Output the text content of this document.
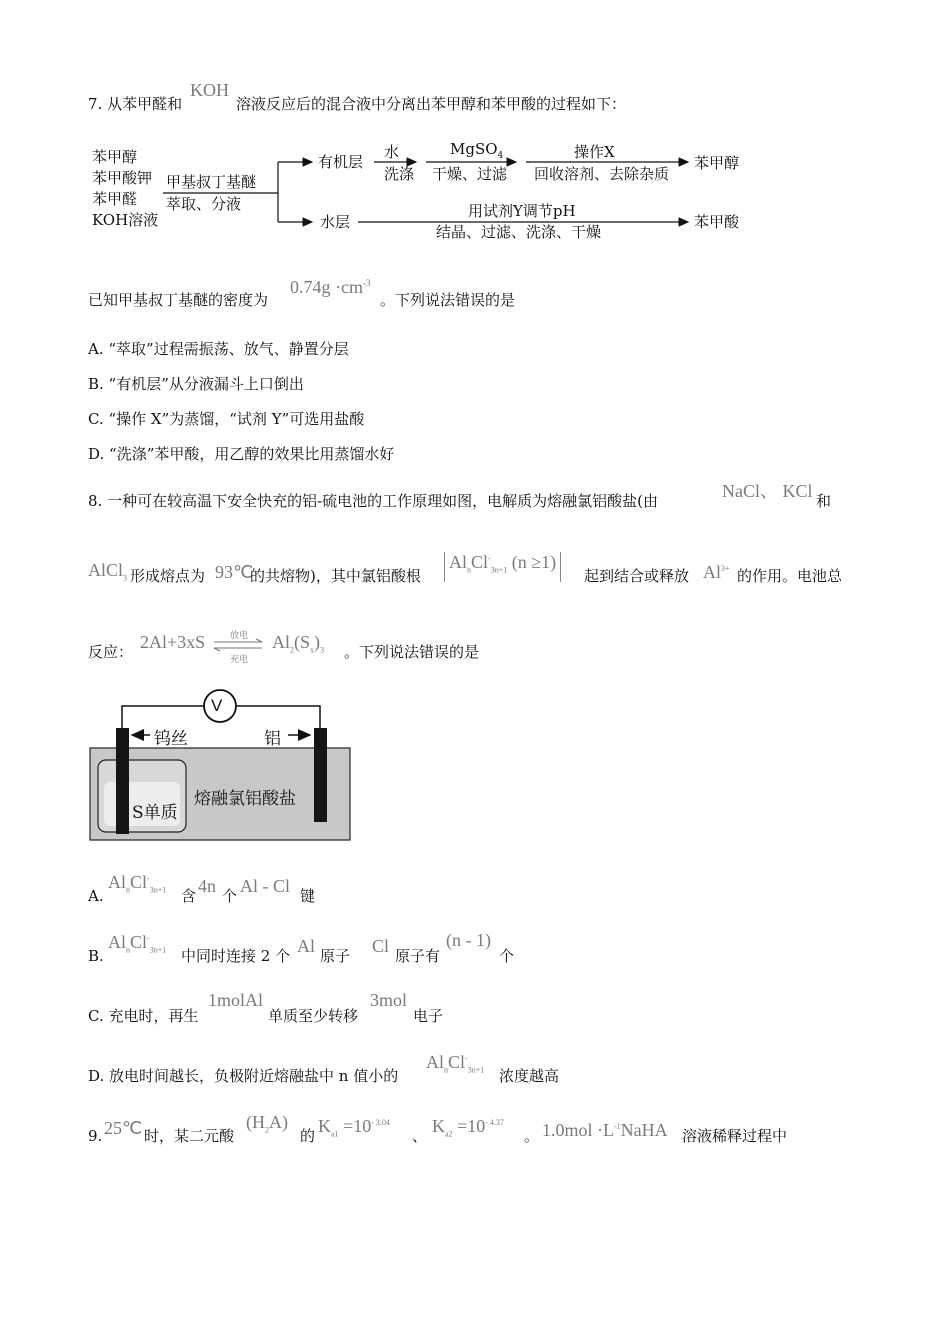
7. 从苯甲醛和
KOH
溶液反应后的混合液中分离出苯甲醇和苯甲酸的过程如下：
苯甲醇
苯甲酸钾
苯甲醛
KOH溶液
甲基叔丁基醚
萃取、分液
有机层
水
洗涤
MgSO$_4$
干燥、过滤
操作X
回收溶剂、去除杂质
苯甲醇
水层
用试剂Y调节pH
结晶、过滤、洗涤、干燥
苯甲酸
已知甲基叔丁基醚的密度为
$0.74g \cdot cm^{-3}$
。下列说法错误的是
A. “萃取”过程需振荡、放气、静置分层
B. “有机层”从分液漏斗上口倒出
C. “操作 X”为蒸馏，“试剂 Y”可选用盐酸
D. “洗涤”苯甲酸，用乙醇的效果比用蒸馏水好
8. 一种可在较高温下安全快充的铝-硫电池的工作原理如图，电解质为熔融氯铝酸盐(由	NaCl、 KCl 和
AlCl$_3$ 形成熔点为 93℃
的共熔物)，其中氯铝酸根
$Al_nCl^-_{3n+1}$ (n ≥1)
起到结合或释放 $Al^{3+}$ 的作用。电池总
反应： 2Al+3xS	放电
充电
$Al_2(S_x)_3$ 。下列说法错误的是
V
钨丝	铝
S单质
熔融氯铝酸盐
A.
$Al_nCl^-_{3n+1}$ 含 4n 个 Al - Cl 键
B.
$Al_nCl^-_{3n+1}$ 中同时连接 2 个 Al 原子 Cl 原子有
(n - 1)
个
C. 充电时，再生
1molAl
单质至少转移
3mol
电子
D. 放电时间越长，负极附近熔融盐中 n 值小的
$Al_nCl^-_{3n+1}$ 浓度越高
9. 25℃ 时，某二元酸
$(H_2A)$
的 $K_{a1} =10^{- 3.04}$
、 $K_{a2} =10^{- 4.37}$
。 $1.0mol \cdot L^{-1}NaHA$ 溶液稀释过程中
